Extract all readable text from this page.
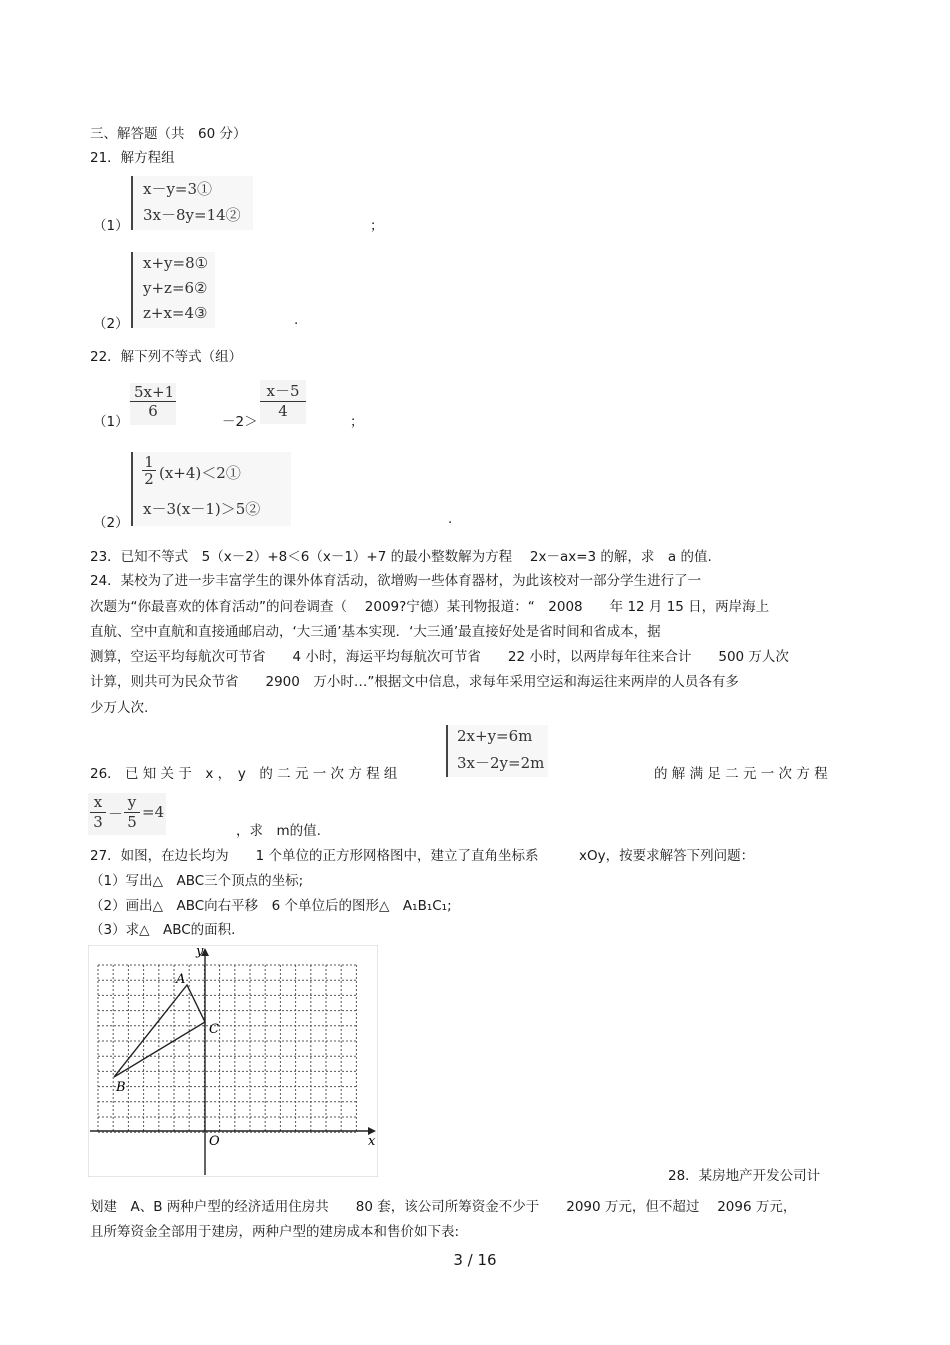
三、解答题（共　60 分）
21．解方程组
（1）
x－y=3①
3x－8y=14②
；
（2）
x+y=8①
y+z=6②
z+x=4③	.
22．解下列不等式（组）
$(1) \frac{5x+1}{6}$	$-2> \frac{x-5}{4}$	；
（2）
$\frac{1}{2}$ (x+4)＜2①
x－3(x－1)＞5②
.
23．已知不等式　5（x－2）+8＜6（x－1）+7 的最小整数解为方程　 2x－ax=3 的解，求　a 的值.
24．某校为了进一步丰富学生的课外体育活动，欲增购一些体育器材，为此该校对一部分学生进行了一
次题为“你最喜欢的体育活动”的问卷调查（　 2009?宁德）某刊物报道：“　2008　　年 12 月 15 日，两岸海上
直航、空中直航和直接通邮启动，‘大三通’基本实现．‘大三通’最直接好处是省时间和省成本，据
测算，空运平均每航次可节省　　4 小时，海运平均每航次可节省　　22 小时，以两岸每年往来合计　　500 万人次
计算，则共可为民众节省　　2900　万小时…”根据文中信息，求每年采用空运和海运往来两岸的人员各有多
少万人次.
26． 已 知 关 于　x ，　y　的 二 元 一 次 方 程 组
2x+y=6m
3x－2y=2m
的 解 满 足 二 元 一 次 方 程
$\frac{x}{3} - \frac{y}{5} =4$
，求　m的值.
27．如图，在边长均为　　1 个单位的正方形网格图中，建立了直角坐标系　　　xOy，按要求解答下列问题：
（1）写出△　ABC三个顶点的坐标;
（2）画出△　ABC向右平移　6 个单位后的图形△　A₁B₁C₁;
（3）求△　ABC的面积.
A
B
C
O	x
y
28．某房地产开发公司计
划建　A、B 两种户型的经济适用住房共　　80 套，该公司所筹资金不少于　　2090 万元，但不超过　 2096 万元，
且所筹资金全部用于建房，两种户型的建房成本和售价如下表:
3 / 16
